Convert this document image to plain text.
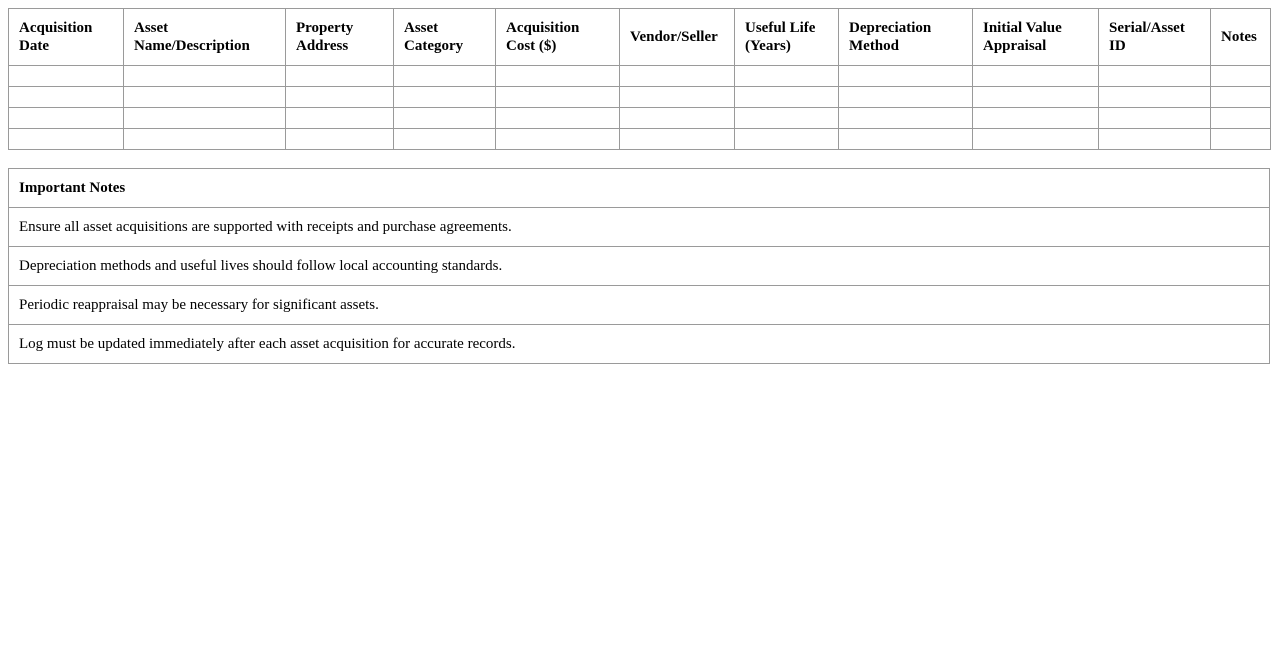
Acquisition Date	Asset Name/Description	Property Address	Asset Category	Acquisition Cost ($)	Vendor/Seller	Useful Life (Years)	Depreciation Method	Initial Value Appraisal	Serial/Asset ID	Notes

Important Notes
Ensure all asset acquisitions are supported with receipts and purchase agreements.
Depreciation methods and useful lives should follow local accounting standards.
Periodic reappraisal may be necessary for significant assets.
Log must be updated immediately after each asset acquisition for accurate records.
